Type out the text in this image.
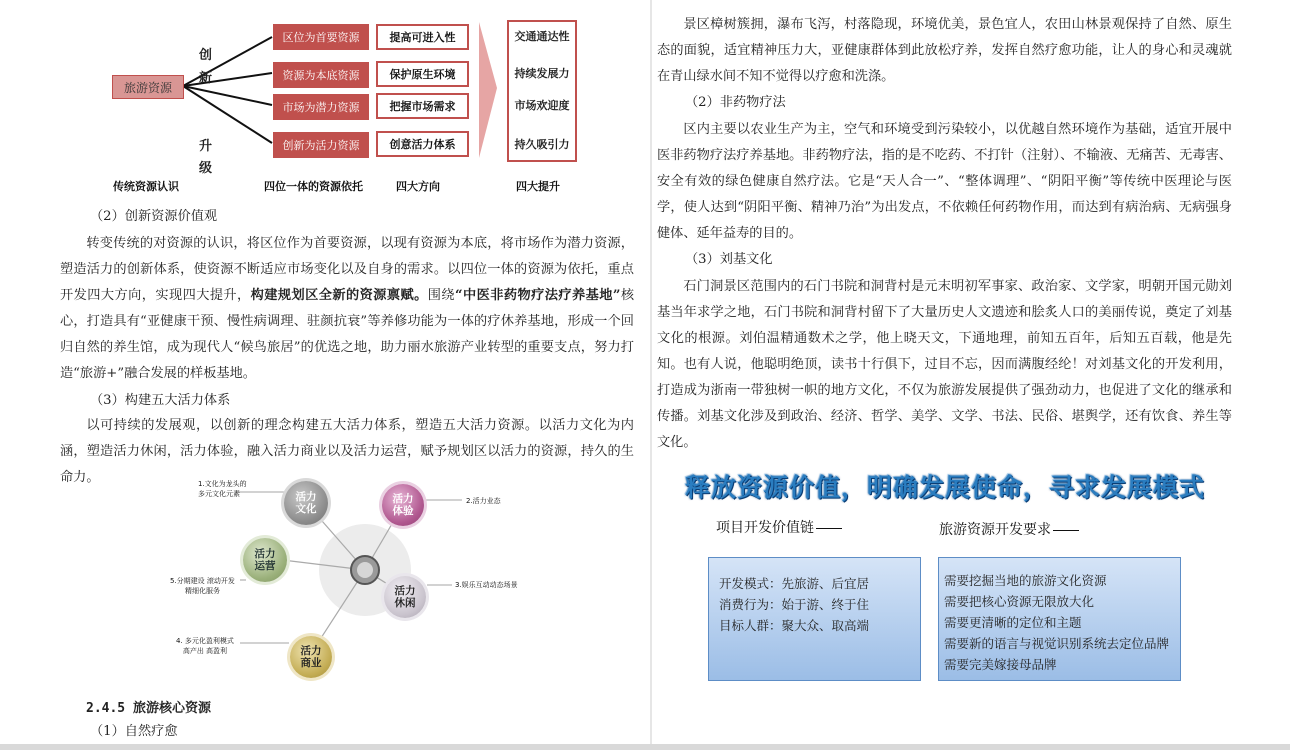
旅游资源
创
新
升
级
区位为首要资源
资源为本底资源
市场为潜力资源
创新为活力资源
提高可进入性
保护原生环境
把握市场需求
创意活力体系
交通通达性
持续发展力
市场欢迎度
持久吸引力
传统资源认识	四位一体的资源依托	四大方向	四大提升

（2）创新资源价值观

转变传统的对资源的认识，将区位作为首要资源，以现有资源为本底，将市场作为潜力资源，塑造活力的创新体系，使资源不断适应市场变化以及自身的需求。以四位一体的资源为依托，重点开发四大方向，实现四大提升，构建规划区全新的资源禀赋。围绕“中医非药物疗法疗养基地”核心，打造具有“亚健康干预、慢性病调理、驻颜抗衰”等养修功能为一体的疗休养基地，形成一个回归自然的养生馆，成为现代人“候鸟旅居”的优选之地，助力丽水旅游产业转型的重要支点，努力打造“旅游+”融合发展的样板基地。

（3）构建五大活力体系

以可持续的发展观，以创新的理念构建五大活力体系，塑造五大活力资源。以活力文化为内涵，塑造活力休闲，活力体验，融入活力商业以及活力运营，赋予规划区以活力的资源，持久的生命力。

活力
文化
活力
体验
活力
运营
活力
休闲
活力
商业
1.文化为龙头的
多元文化元素
2.活力业态
3.娱乐互动动态场景
5.分期建设 滚动开发
精细化服务
4. 多元化盈利模式
高产出 高盈利
2.4.5 旅游核心资源

（1）自然疗愈

景区樟树簇拥，瀑布飞泻，村落隐现，环境优美，景色宜人，农田山林景观保持了自然、原生态的面貌，适宜精神压力大，亚健康群体到此放松疗养，发挥自然疗愈功能，让人的身心和灵魂就在青山绿水间不知不觉得以疗愈和洗涤。

（2）非药物疗法

区内主要以农业生产为主，空气和环境受到污染较小，以优越自然环境作为基础，适宜开展中医非药物疗法疗养基地。非药物疗法，指的是不吃药、不打针（注射）、不输液、无痛苦、无毒害、安全有效的绿色健康自然疗法。它是“天人合一”、“整体调理”、“阴阳平衡”等传统中医理论与医学，使人达到“阴阳平衡、精神乃治”为出发点，不依赖任何药物作用，而达到有病治病、无病强身健体、延年益寿的目的。

（3）刘基文化

石门洞景区范围内的石门书院和洞背村是元末明初军事家、政治家、文学家，明朝开国元勋刘基当年求学之地，石门书院和洞背村留下了大量历史人文遗迹和脍炙人口的美丽传说，奠定了刘基文化的根源。刘伯温精通数术之学，他上晓天文，下通地理，前知五百年，后知五百载，他是先知。也有人说，他聪明绝顶，读书十行俱下，过目不忘，因而满腹经纶！对刘基文化的开发利用，打造成为浙南一带独树一帜的地方文化，不仅为旅游发展提供了强劲动力，也促进了文化的继承和传播。刘基文化涉及到政治、经济、哲学、美学、文学、书法、民俗、堪舆学，还有饮食、养生等文化。

释放资源价值，明确发展使命，寻求发展模式
项目开发价值链	旅游资源开发要求
开发模式：先旅游、后宜居
消费行为：始于游、终于住
目标人群：聚大众、取高端
需要挖掘当地的旅游文化资源
需要把核心资源无限放大化
需要更清晰的定位和主题
需要新的语言与视觉识别系统去定位品牌
需要完美嫁接母品牌
